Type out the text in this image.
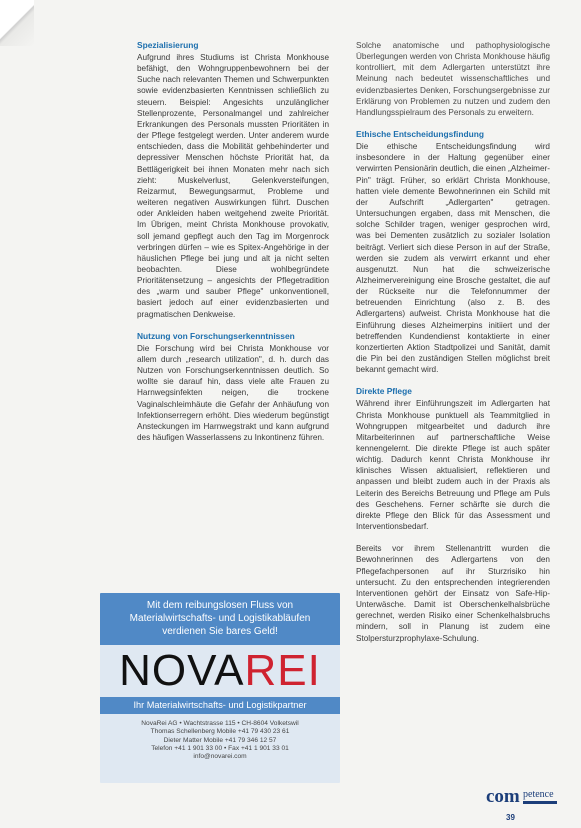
Spezialisierung

Aufgrund ihres Studiums ist Christa Monkhouse befähigt, den Wohngruppenbewohnern bei der Suche nach relevanten Themen und Schwerpunkten sowie evidenzbasierten Kenntnissen schließlich zu steuern. Beispiel: Angesichts unzulänglicher Stellenprozente, Personalmangel und zahlreicher Erkrankungen des Personals mussten Prioritäten in der Pflege festgelegt werden. Unter anderem wurde entschieden, dass die Mobilität gehbehinderter und depressiver Menschen höchste Priorität hat, da Bettlägerigkeit bei ihnen Monaten mehr nach sich zieht: Muskelverlust, Gelenkversteifungen, Reizarmut, Bewegungsarmut, Probleme und weiteren negativen Auswirkungen führt. Duschen oder Ankleiden haben weitgehend zweite Priorität. Im Übrigen, meint Christa Monkhouse provokativ, soll jemand gepflegt auch den Tag im Morgenrock verbringen dürfen – wie es Spitex-Angehörige in der häuslichen Pflege bei jung und alt ja nicht selten beobachten. Diese wohlbegründete Prioritätensetzung – angesichts der Pflegetradition des „warm und sauber Pflege" unkonventionell, basiert jedoch auf einer evidenzbasierten und pragmatischen Denkweise.

Nutzung von Forschungserkenntnissen

Die Forschung wird bei Christa Monkhouse vor allem durch „research utilization", d. h. durch das Nutzen von Forschungserkenntnissen deutlich. So wollte sie darauf hin, dass viele alte Frauen zu Harnwegsinfekten neigen, die trockene Vaginalschleimhäute die Gefahr der Anhäufung von Infektionserregern erhöht. Dies wiederum begünstigt Ansteckungen im Harnwegstrakt und kann aufgrund des häufigen Wasserlassens zu Inkontinenz führen.

Solche anatomische und pathophysiologische Überlegungen werden von Christa Monkhouse häufig kontrolliert, mit dem Adlergarten unterstützt ihre Meinung nach bedeutet wissenschaftliches und evidenzbasiertes Denken, Forschungsergebnisse zur Erklärung von Problemen zu nutzen und zudem den Handlungsspielraum des Personals zu erweitern.

Ethische Entscheidungsfindung

Die ethische Entscheidungsfindung wird insbesondere in der Haltung gegenüber einer verwirrten Pensionärin deutlich, die einen „Alzheimer-Pin" trägt. Früher, so erklärt Christa Monkhouse, hatten viele demente Bewohnerinnen ein Schild mit der Aufschrift „Adlergarten" getragen. Untersuchungen ergaben, dass mit Menschen, die solche Schilder tragen, weniger gesprochen wird, was bei Dementen zusätzlich zu sozialer Isolation beiträgt. Verliert sich diese Person in auf der Straße, werden sie zudem als verwirrt erkannt und eher ausgenutzt. Nun hat die schweizerische Alzheimervereinigung eine Brosche gestaltet, die auf der Rückseite nur die Telefonnummer der betreuenden Einrichtung (also z. B. des Adlergartens) aufweist. Christa Monkhouse hat die Einführung dieses Alzheimerpins initiiert und der betreffenden Kundendienst kontaktierte in einer konzertierten Aktion Stadtpolizei und Sanität, damit die Pin bei den zuständigen Stellen möglichst breit bekannt gemacht wird.

Direkte Pflege

Während ihrer Einführungszeit im Adlergarten hat Christa Monkhouse punktuell als Teammitglied in Wohngruppen mitgearbeitet und dadurch ihre Mitarbeiterinnen auf partnerschaftliche Weise kennengelernt. Die direkte Pflege ist auch später wichtig. Dadurch kennt Christa Monkhouse ihr klinisches Wissen aktualisiert, reflektieren und anpassen und bleibt zudem auch in der Praxis als Leiterin des Bereichs Betreuung und Pflege am Puls des Geschehens. Ferner schärfte sie durch die direkte Pflege den Blick für das Assessment und Interventionsbedarf.

Bereits vor ihrem Stellenantritt wurden die Bewohnerinnen des Adlergartens von den Pflegefachpersonen auf ihr Sturzrisiko hin untersucht. Zu den entsprechenden integrierenden Interventionen gehört der Einsatz von Safe-Hip-Unterwäsche. Damit ist Oberschenkelhalsbrüche gerechnet, werden Risiko einer Schenkelhalsbruchs mindern, soll in Planung ist zudem eine Stolpersturzprophylaxe-Schulung.

Mit dem reibungslosen Fluss von
Materialwirtschafts- und Logistikabläufen
verdienen Sie bares Geld!
NOVA REI
Ihr Materialwirtschafts- und Logistikpartner
NovaRei AG • Wachtstrasse 115 • CH-8604 Volketswil
Thomas Schellenberg Mobile +41 79 430 23 61
Dieter Matter Mobile +41 79 346 12 57
Telefon +41 1 901 33 00 • Fax +41 1 901 33 01
info@novarei.com
com petence
39
